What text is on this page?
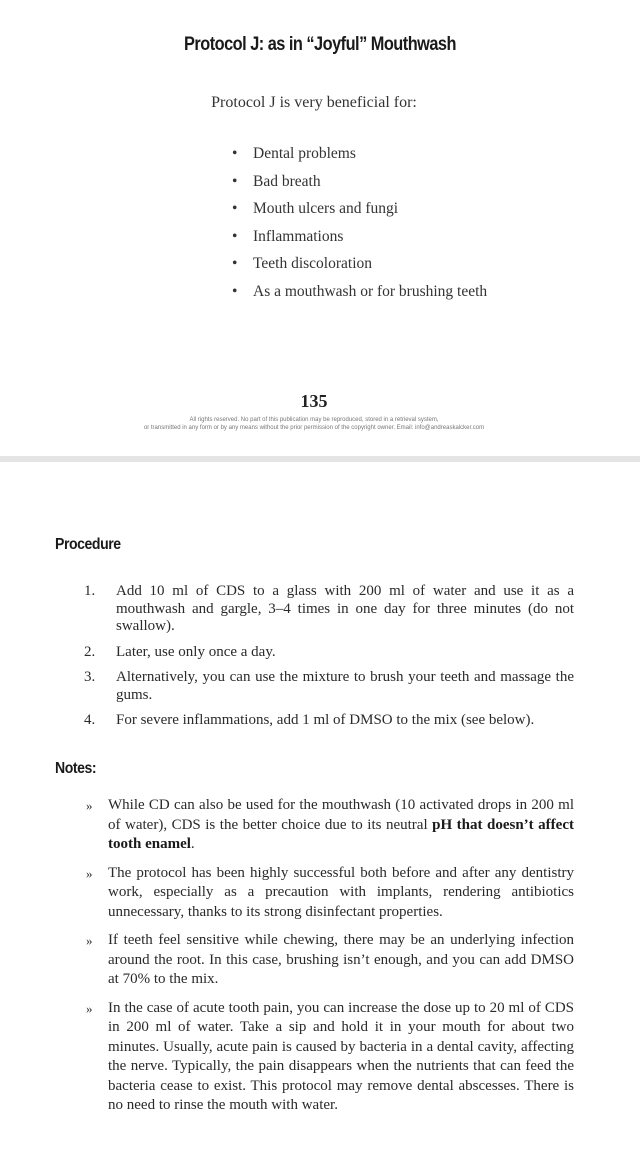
Protocol J: as in “Joyful” Mouthwash
Protocol J is very beneficial for:
• Dental problems
• Bad breath
• Mouth ulcers and fungi
• Inflammations
• Teeth discoloration
• As a mouthwash or for brushing teeth
135
All rights reserved. No part of this publication may be reproduced, stored in a retrieval system,
or transmitted in any form or by any means without the prior permission of the copyright owner. Email: info@andreaskalcker.com
Procedure
1. Add 10 ml of CDS to a glass with 200 ml of water and use it as a mouthwash and gargle, 3–4 times in one day for three minutes (do not swallow).
2. Later, use only once a day.
3. Alternatively, you can use the mixture to brush your teeth and massage the gums.
4. For severe inflammations, add 1 ml of DMSO to the mix (see below).
Notes:
» While CD can also be used for the mouthwash (10 activated drops in 200 ml of water), CDS is the better choice due to its neutral pH that doesn’t affect tooth enamel.
» The protocol has been highly successful both before and after any dentistry work, especially as a precaution with implants, rendering antibiotics unnecessary, thanks to its strong disinfectant properties.
» If teeth feel sensitive while chewing, there may be an underlying infection around the root. In this case, brushing isn’t enough, and you can add DMSO at 70% to the mix.
» In the case of acute tooth pain, you can increase the dose up to 20 ml of CDS in 200 ml of water. Take a sip and hold it in your mouth for about two minutes. Usually, acute pain is caused by bacteria in a dental cavity, affecting the nerve. Typically, the pain disappears when the nutrients that can feed the bacteria cease to exist. This protocol may remove dental abscesses. There is no need to rinse the mouth with water.
